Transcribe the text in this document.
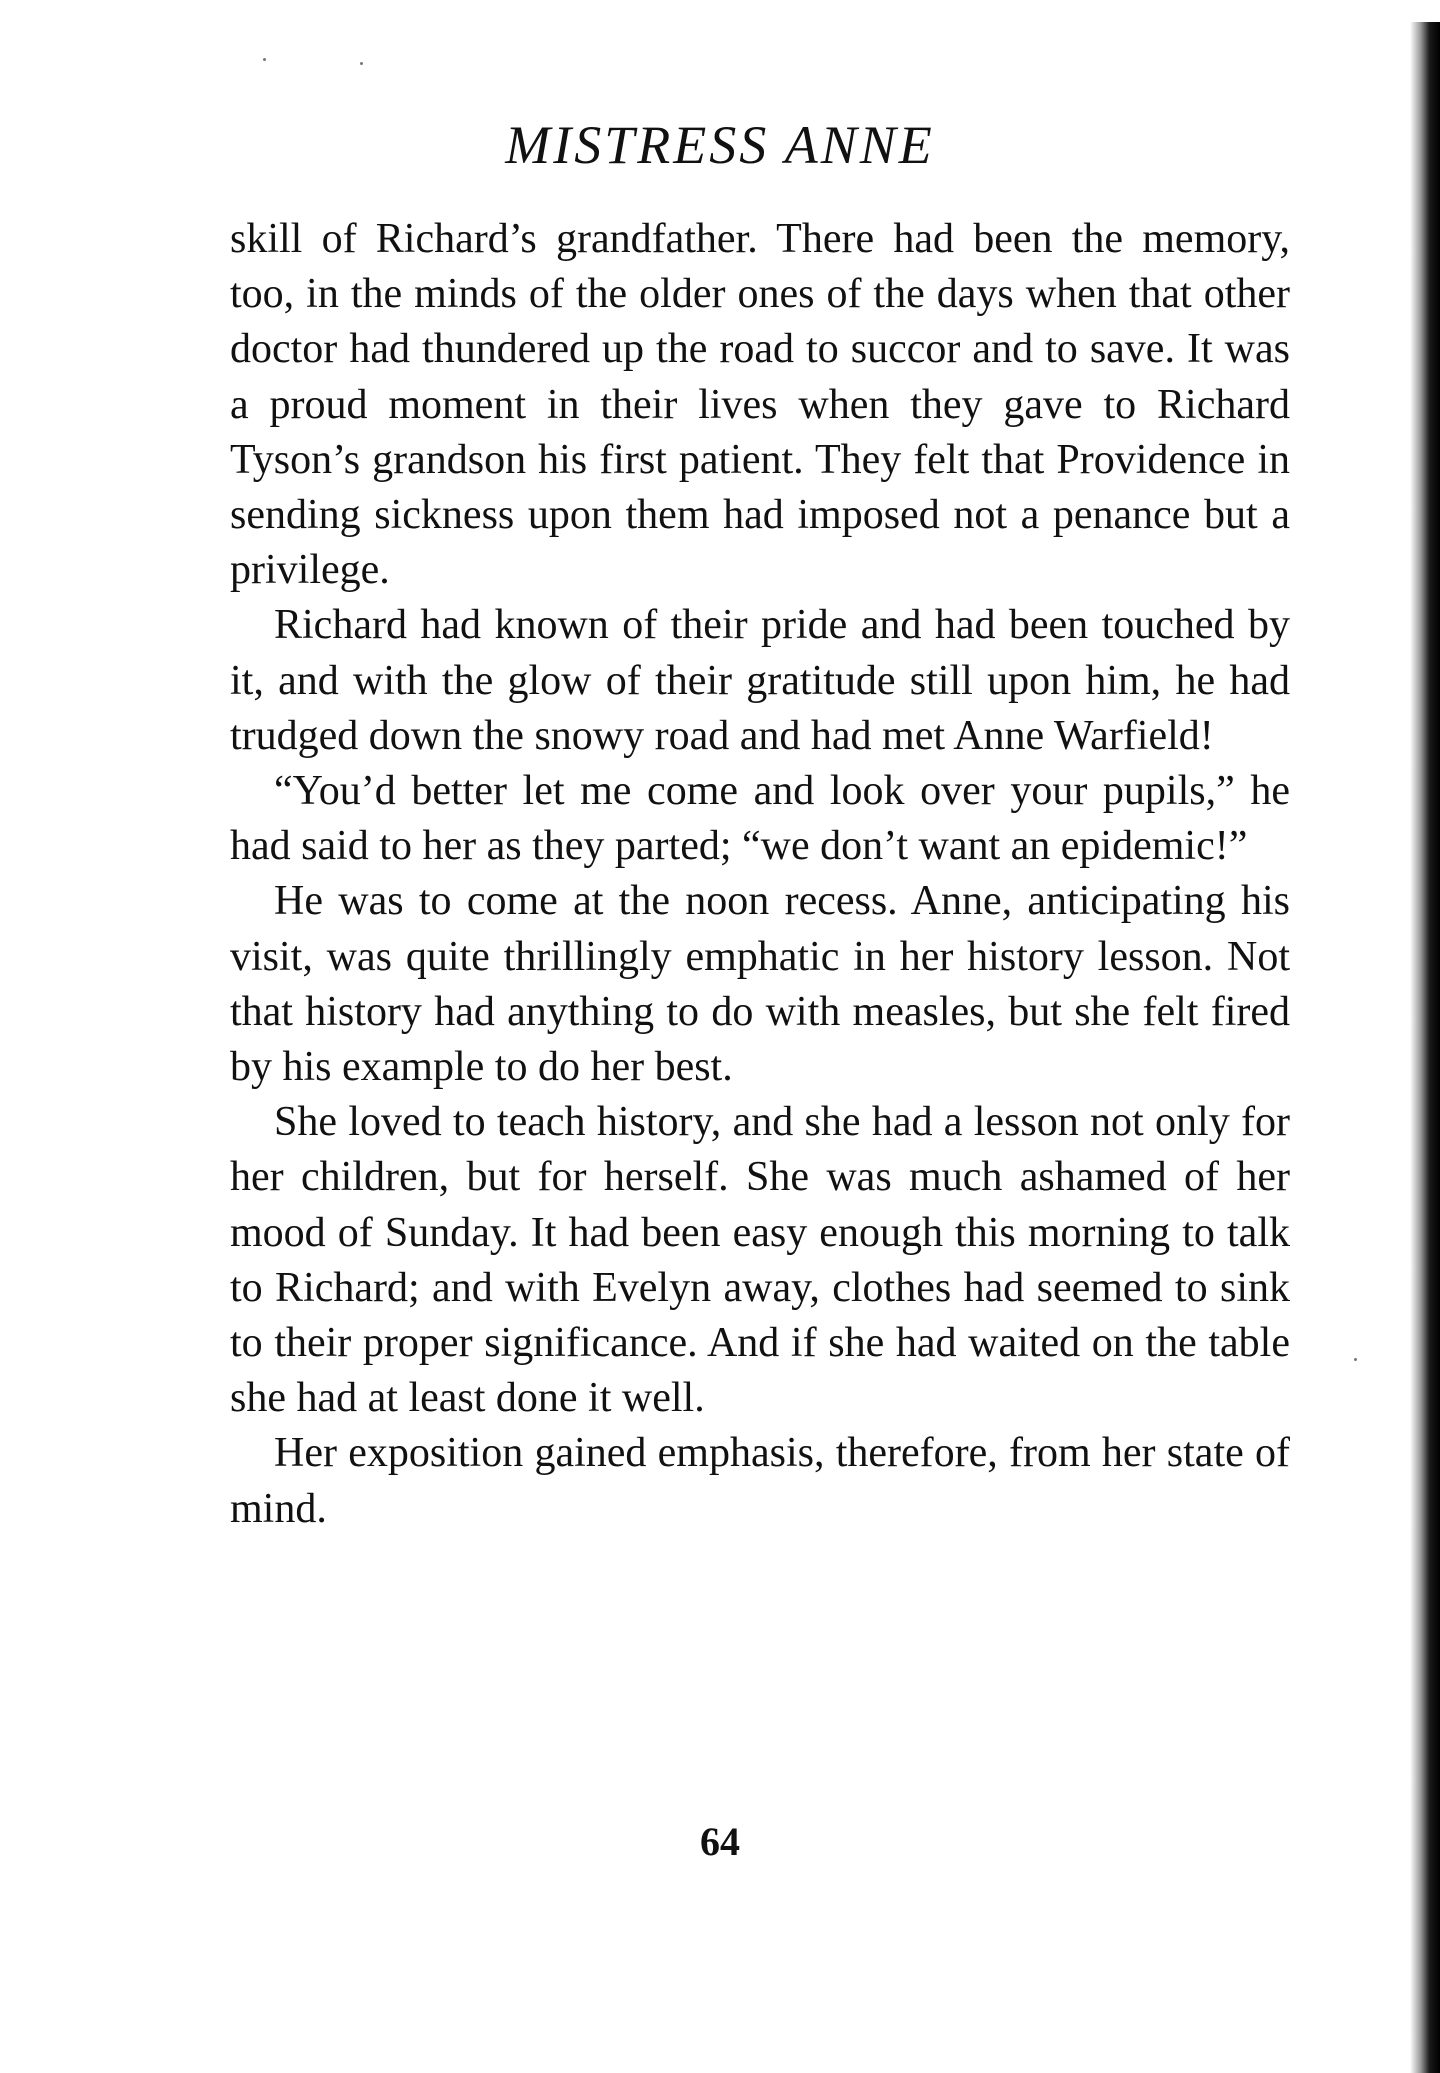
MISTRESS ANNE

skill of Richard’s grandfather. There had been the memory, too, in the minds of the older ones of the days when that other doctor had thundered up the road to succor and to save. It was a proud moment in their lives when they gave to Richard Tyson’s grandson his first patient. They felt that Providence in sending sickness upon them had imposed not a penance but a privilege.

Richard had known of their pride and had been touched by it, and with the glow of their gratitude still upon him, he had trudged down the snowy road and had met Anne Warfield!

“You’d better let me come and look over your pupils,” he had said to her as they parted; “we don’t want an epidemic!”

He was to come at the noon recess. Anne, anticipating his visit, was quite thrillingly emphatic in her history lesson. Not that history had anything to do with measles, but she felt fired by his example to do her best.

She loved to teach history, and she had a lesson not only for her children, but for herself. She was much ashamed of her mood of Sunday. It had been easy enough this morning to talk to Richard; and with Evelyn away, clothes had seemed to sink to their proper significance. And if she had waited on the table she had at least done it well.

Her exposition gained emphasis, therefore, from her state of mind.

64
